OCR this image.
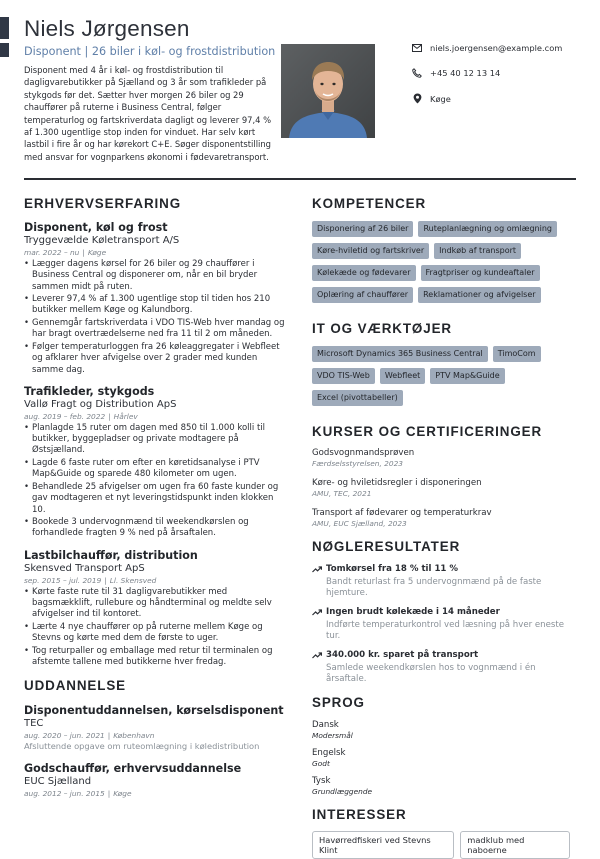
Niels Jørgensen
Disponent | 26 biler i køl- og frostdistribution
Disponent med 4 år i køl- og frostdistribution til dagligvarebutikker på Sjælland og 3 år som trafikleder på stykgods før det. Sætter hver morgen 26 biler og 29 chauffører på ruterne i Business Central, følger temperaturlog og fartskriverdata dagligt og leverer 97,4 % af 1.300 ugentlige stop inden for vinduet. Har selv kørt lastbil i fire år og har kørekort C+E. Søger disponentstilling med ansvar for vognparkens økonomi i fødevaretransport.
niels.joergensen@example.com
+45 40 12 13 14
Køge
ERHVERVSERFARING
Disponent, køl og frost
Tryggevælde Køletransport A/S
mar. 2022 – nu | Køge
• Lægger dagens kørsel for 26 biler og 29 chauffører i Business Central og disponerer om, når en bil bryder sammen midt på ruten.
• Leverer 97,4 % af 1.300 ugentlige stop til tiden hos 210 butikker mellem Køge og Kalundborg.
• Gennemgår fartskriverdata i VDO TIS-Web hver mandag og har bragt overtrædelserne ned fra 11 til 2 om måneden.
• Følger temperaturloggen fra 26 køleaggregater i Webfleet og afklarer hver afvigelse over 2 grader med kunden samme dag.
Trafikleder, stykgods
Vallø Fragt og Distribution ApS
aug. 2019 – feb. 2022 | Hårlev
• Planlagde 15 ruter om dagen med 850 til 1.000 kolli til butikker, byggepladser og private modtagere på Østsjælland.
• Lagde 6 faste ruter om efter en køretidsanalyse i PTV Map&Guide og sparede 480 kilometer om ugen.
• Behandlede 25 afvigelser om ugen fra 60 faste kunder og gav modtageren et nyt leveringstidspunkt inden klokken 10.
• Bookede 3 undervognmænd til weekendkørslen og forhandlede fragten 9 % ned på årsaftalen.
Lastbilchauffør, distribution
Skensved Transport ApS
sep. 2015 – jul. 2019 | Ll. Skensved
• Kørte faste rute til 31 dagligvarebutikker med bagsmækklift, rullebure og håndterminal og meldte selv afvigelser ind til kontoret.
• Lærte 4 nye chauffører op på ruterne mellem Køge og Stevns og kørte med dem de første to uger.
• Tog returpaller og emballage med retur til terminalen og afstemte tallene med butikkerne hver fredag.
UDDANNELSE
Disponentuddannelsen, kørselsdisponent
TEC
aug. 2020 – jun. 2021 | København
Afsluttende opgave om ruteomlægning i køledistribution
Godschauffør, erhvervsuddannelse
EUC Sjælland
aug. 2012 – jun. 2015 | Køge
KOMPETENCER
Disponering af 26 biler	Ruteplanlægning og omlægning
Køre-hviletid og fartskriver	Indkøb af transport
Kølekæde og fødevarer	Fragtpriser og kundeaftaler
Oplæring af chauffører	Reklamationer og afvigelser
IT OG VÆRKTØJER
Microsoft Dynamics 365 Business Central	TimoCom
VDO TIS-Web	Webfleet	PTV Map&Guide
Excel (pivottabeller)
KURSER OG CERTIFICERINGER
Godsvognmandsprøven
Færdselsstyrelsen, 2023
Køre- og hviletidsregler i disponeringen
AMU, TEC, 2021
Transport af fødevarer og temperaturkrav
AMU, EUC Sjælland, 2023
NØGLERESULTATER
Tomkørsel fra 18 % til 11 %
Bandt returlast fra 5 undervognmænd på de faste hjemture.
Ingen brudt kølekæde i 14 måneder
Indførte temperaturkontrol ved læsning på hver eneste tur.
340.000 kr. sparet på transport
Samlede weekendkørslen hos to vognmænd i én årsaftale.
SPROG
Dansk
Modersmål
Engelsk
Godt
Tysk
Grundlæggende
INTERESSER
Havørredfiskeri ved Stevns Klint
madklub med naboerne
